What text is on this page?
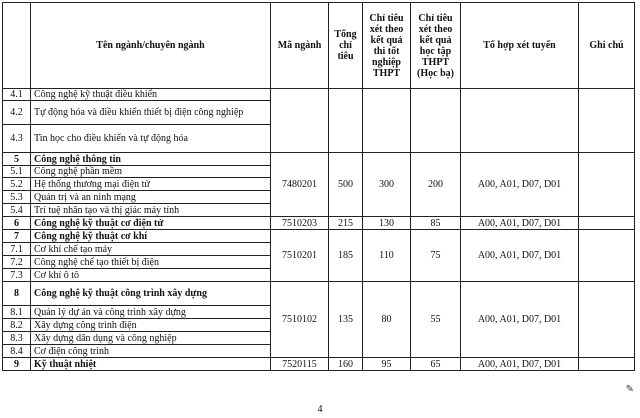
	Tên ngành/chuyên ngành	Mã ngành	Tổng chỉ tiêu	Chỉ tiêu xét theo kết quả thi tốt nghiệp THPT	Chỉ tiêu xét theo kết quả học tập THPT (Học bạ)	Tổ hợp xét tuyển	Ghi chú
4.1	Công nghệ kỹ thuật điều khiển						
4.2	Tự động hóa và điều khiển thiết bị điện công nghiệp						
4.3	Tin học cho điều khiển và tự động hóa						
5	Công nghệ thông tin	7480201	500	300	200	A00, A01, D07, D01	
5.1	Công nghệ phần mềm						
5.2	Hệ thống thương mại điện tử						
5.3	Quản trị và an ninh mạng						
5.4	Trí tuệ nhân tạo và thị giác máy tính						
6	Công nghệ kỹ thuật cơ điện tử	7510203	215	130	85	A00, A01, D07, D01	
7	Công nghệ kỹ thuật cơ khí	7510201	185	110	75	A00, A01, D07, D01	
7.1	Cơ khí chế tạo máy						
7.2	Công nghệ chế tạo thiết bị điện						
7.3	Cơ khí ô tô						
8	Công nghệ kỹ thuật công trình xây dựng	7510102	135	80	55	A00, A01, D07, D01	
8.1	Quản lý dự án và công trình xây dựng						
8.2	Xây dựng công trình điện						
8.3	Xây dựng dân dụng và công nghiệp						
8.4	Cơ điện công trình						
9	Kỹ thuật nhiệt	7520115	160	95	65	A00, A01, D07, D01	
✎
4
